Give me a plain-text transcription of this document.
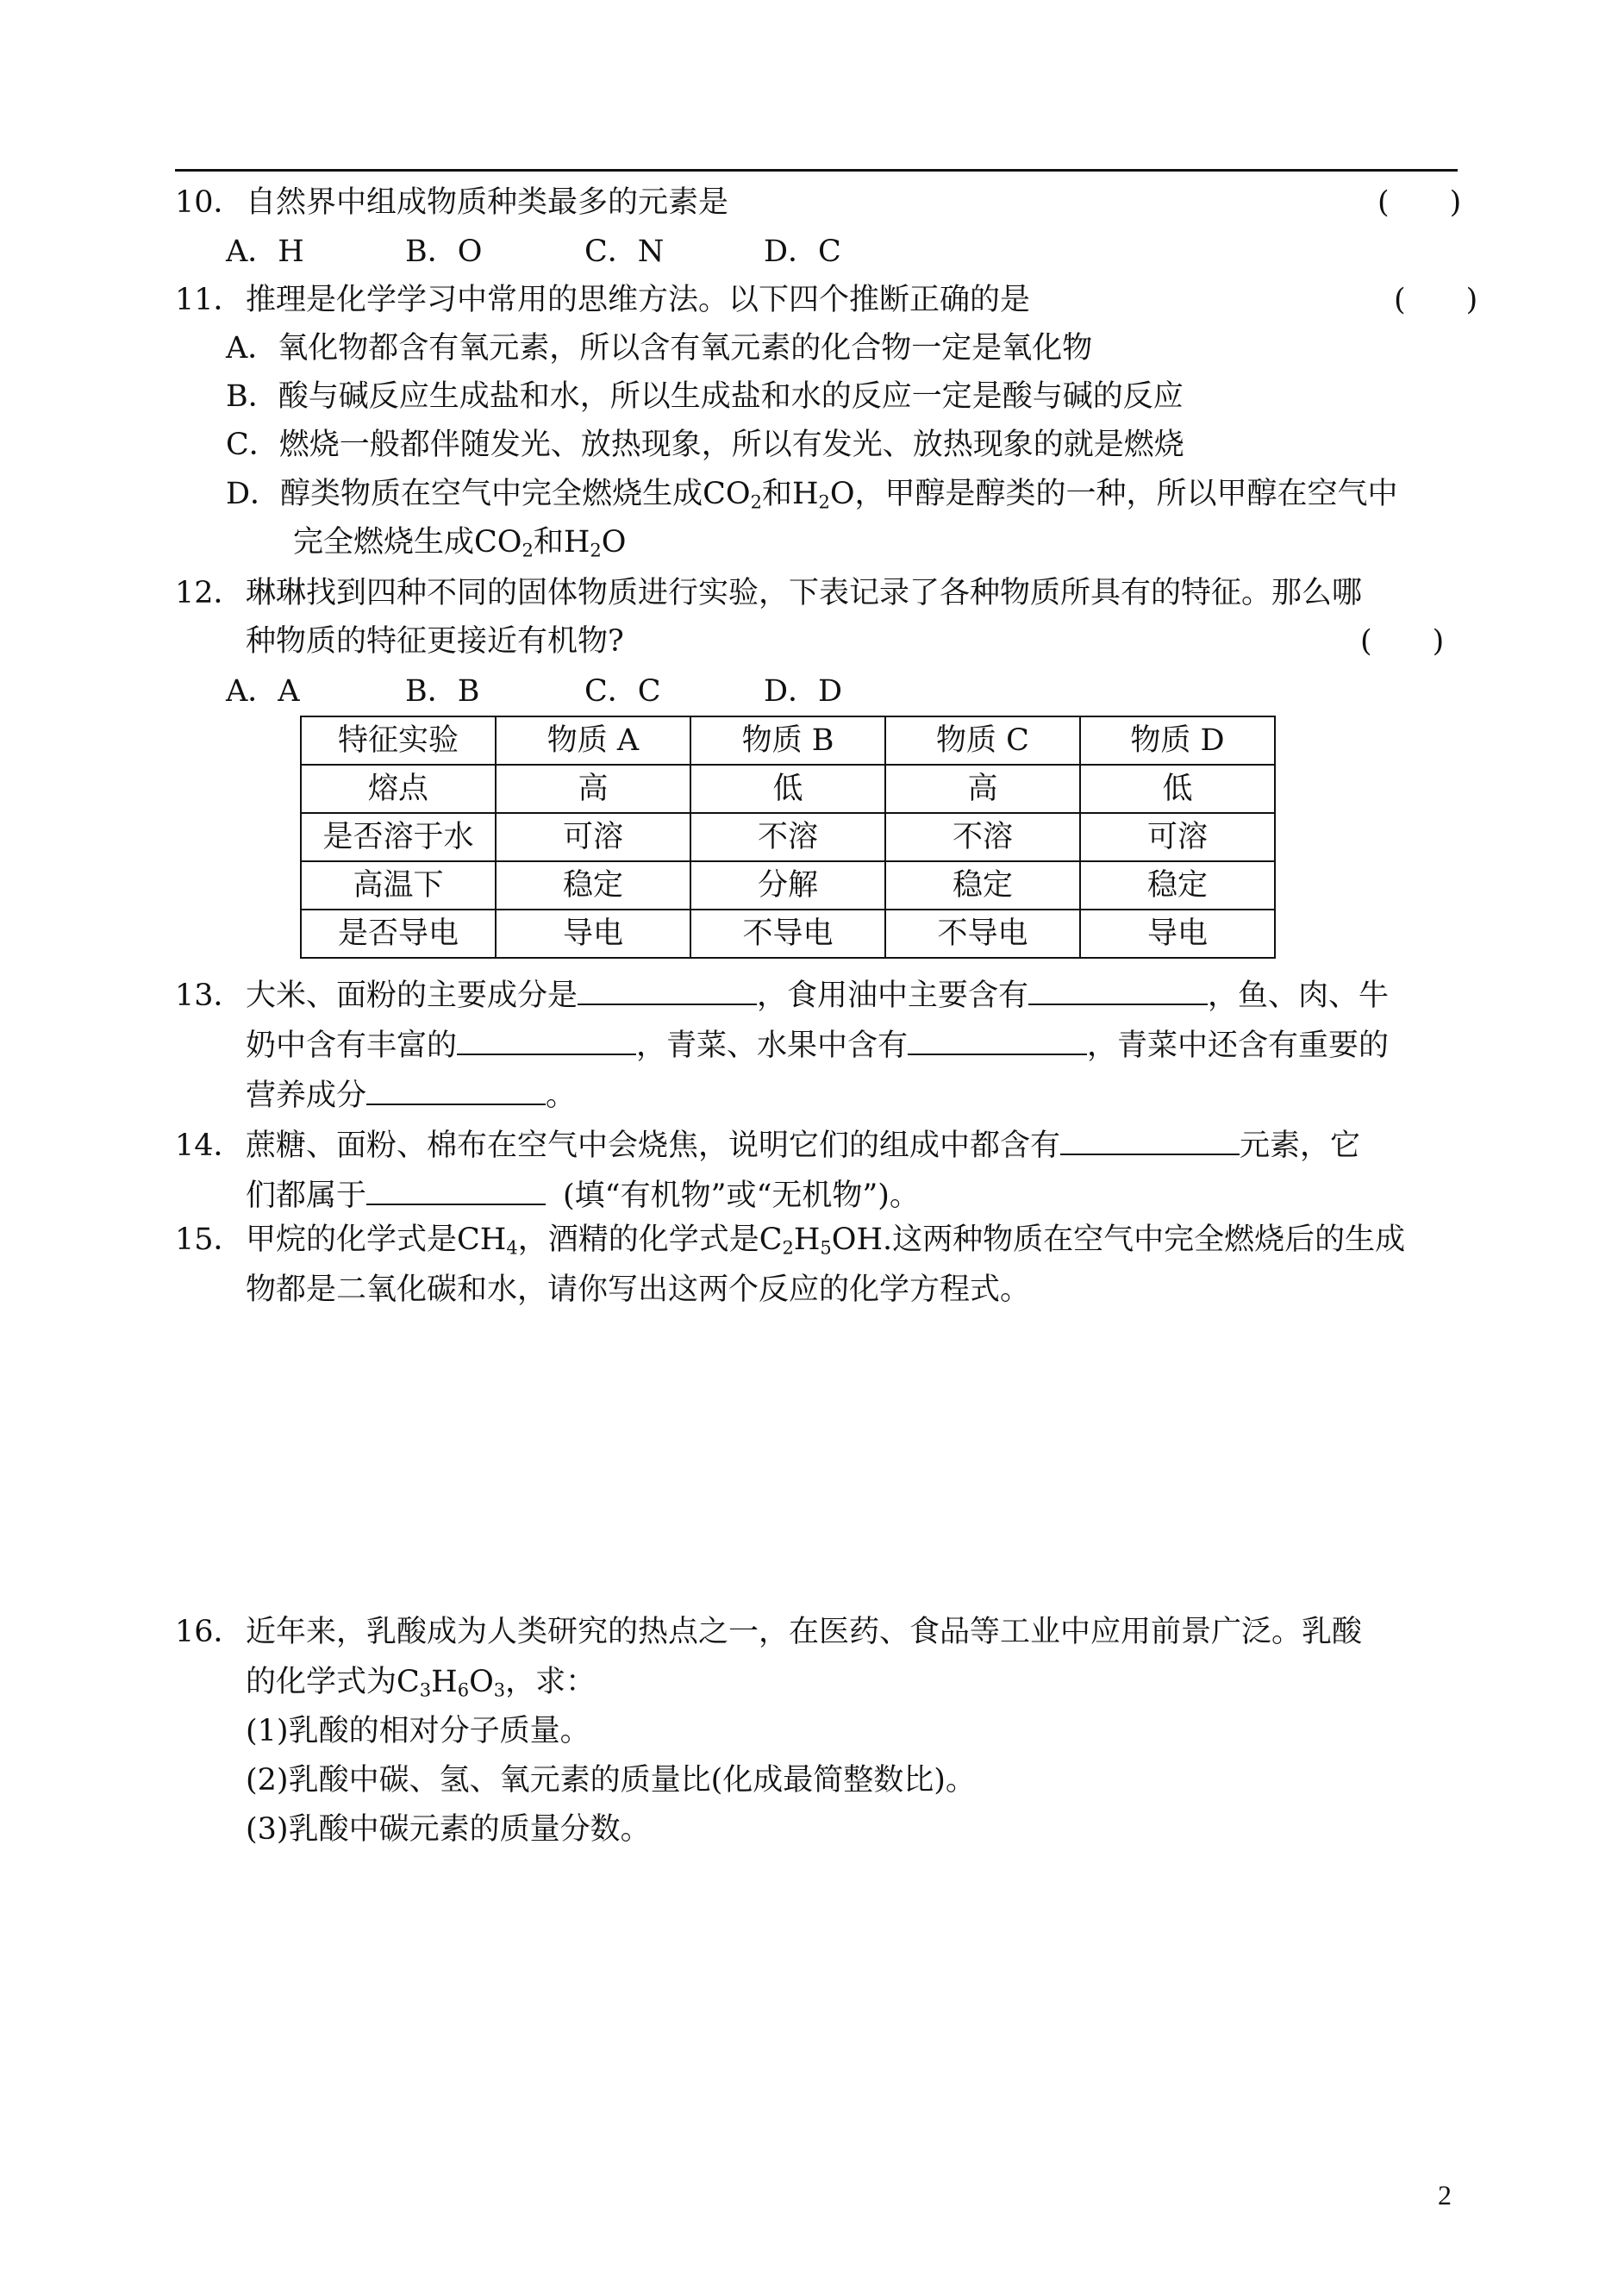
10．自然界中组成物质种类最多的元素是	(　　)
A．H	B．O	C．N	D．C
11．推理是化学学习中常用的思维方法。以下四个推断正确的是	(　　)
A．氧化物都含有氧元素，所以含有氧元素的化合物一定是氧化物
B．酸与碱反应生成盐和水，所以生成盐和水的反应一定是酸与碱的反应
C．燃烧一般都伴随发光、放热现象，所以有发光、放热现象的就是燃烧
D．醇类物质在空气中完全燃烧生成$CO_2$和$H_2O$，甲醇是醇类的一种，所以甲醇在空气中
完全燃烧生成$CO_2$和$H_2O$
12．琳琳找到四种不同的固体物质进行实验，下表记录了各种物质所具有的特征。那么哪
种物质的特征更接近有机物?	(　　)
A．A	B．B	C．C	D．D
特征实验	物质 A	物质 B	物质 C	物质 D
熔点	高	低	高	低
是否溶于水	可溶	不溶	不溶	可溶
高温下	稳定	分解	稳定	稳定
是否导电	导电	不导电	不导电	导电
13．大米、面粉的主要成分是	，食用油中主要含有	，鱼、肉、牛
奶中含有丰富的	，青菜、水果中含有	，青菜中还含有重要的
营养成分	。
14．蔗糖、面粉、棉布在空气中会烧焦，说明它们的组成中都含有	元素，它
们都属于	(填“有机物”或“无机物”)。
15．甲烷的化学式是$CH_4$，酒精的化学式是$C_2H_5OH$.这两种物质在空气中完全燃烧后的生成
物都是二氧化碳和水，请你写出这两个反应的化学方程式。
16．近年来，乳酸成为人类研究的热点之一，在医药、食品等工业中应用前景广泛。乳酸
的化学式为$C_3H_6O_3$，求：
(1)乳酸的相对分子质量。
(2)乳酸中碳、氢、氧元素的质量比(化成最简整数比)。
(3)乳酸中碳元素的质量分数。
2
